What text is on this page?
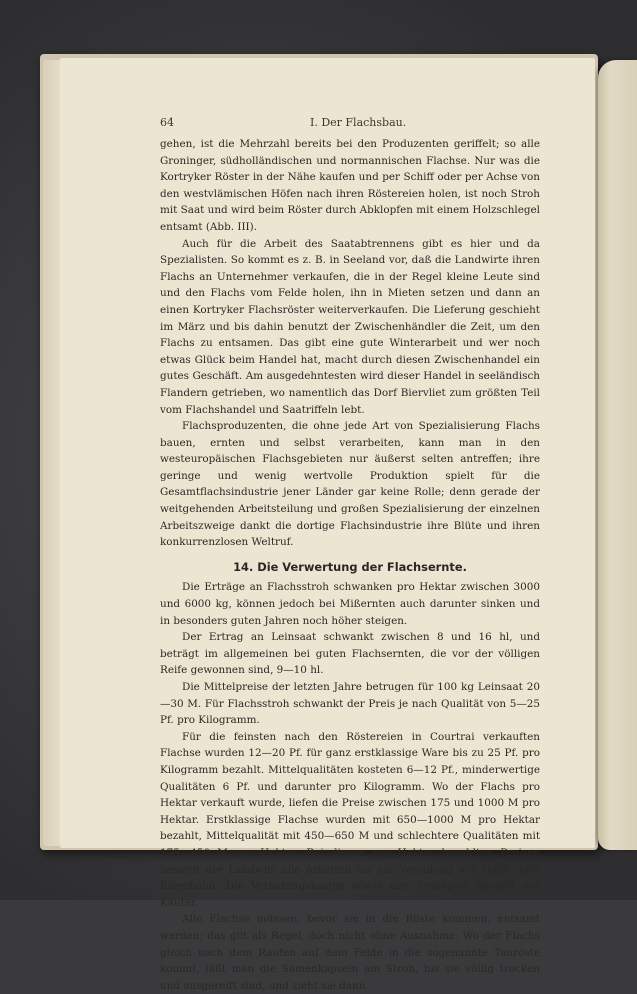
64	I. Der Flachsbau.

gehen, ist die Mehrzahl bereits bei den Produzenten geriffelt; so alle Groninger, südholländischen und normannischen Flachse. Nur was die Kortryker Röster in der Nähe kaufen und per Schiff oder per Achse von den westvlämischen Höfen nach ihren Röstereien holen, ist noch Stroh mit Saat und wird beim Röster durch Abklopfen mit einem Holzschlegel entsamt (Abb. III).

Auch für die Arbeit des Saatabtrennens gibt es hier und da Spezialisten. So kommt es z. B. in Seeland vor, daß die Landwirte ihren Flachs an Unternehmer verkaufen, die in der Regel kleine Leute sind und den Flachs vom Felde holen, ihn in Mieten setzen und dann an einen Kortryker Flachsröster weiterverkaufen. Die Lieferung geschieht im März und bis dahin benutzt der Zwischenhändler die Zeit, um den Flachs zu entsamen. Das gibt eine gute Winterarbeit und wer noch etwas Glück beim Handel hat, macht durch diesen Zwischenhandel ein gutes Geschäft. Am ausgedehntesten wird dieser Handel in seeländisch Flandern getrieben, wo namentlich das Dorf Biervliet zum größten Teil vom Flachshandel und Saatriffeln lebt.

Flachsproduzenten, die ohne jede Art von Spezialisierung Flachs bauen, ernten und selbst verarbeiten, kann man in den westeuropäischen Flachsgebieten nur äußerst selten antreffen; ihre geringe und wenig wertvolle Produktion spielt für die Gesamtflachsindustrie jener Länder gar keine Rolle; denn gerade der weitgehenden Arbeitsteilung und großen Spezialisierung der einzelnen Arbeitszweige dankt die dortige Flachsindustrie ihre Blüte und ihren konkurrenzlosen Weltruf.

14. Die Verwertung der Flachsernte.

Die Erträge an Flachsstroh schwanken pro Hektar zwischen 3000 und 6000 kg, können jedoch bei Mißernten auch darunter sinken und in besonders guten Jahren noch höher steigen.

Der Ertrag an Leinsaat schwankt zwischen 8 und 16 hl, und beträgt im allgemeinen bei guten Flachsernten, die vor der völligen Reife gewonnen sind, 9—10 hl.

Die Mittelpreise der letzten Jahre betrugen für 100 kg Leinsaat 20—30 M. Für Flachsstroh schwankt der Preis je nach Qualität von 5—25 Pf. pro Kilogramm.

Für die feinsten nach den Röstereien in Courtrai verkauften Flachse wurden 12—20 Pf. für ganz erstklassige Ware bis zu 25 Pf. pro Kilogramm bezahlt. Mittelqualitäten kosteten 6—12 Pf., minderwertige Qualitäten 6 Pf. und darunter pro Kilogramm. Wo der Flachs pro Hektar verkauft wurde, liefen die Preise zwischen 175 und 1000 M pro Hektar. Erstklassige Flachse wurden mit 650—1000 M pro Hektar bezahlt, Mittelqualität mit 450—650 M und schlechtere Qualitäten mit 175—450 M pro Hektar. Bei diesen pro Hektar bezahlten Preisen besorgt der Landwirt alle Arbeiten bis zur Verladung auf Schiff oder Eisenbahn. Die Verladungskosten sowie den Transport bezahlt der Käufer.

Alle Flachse müssen, bevor sie in die Röste kommen, entsamt werden; das gilt als Regel, doch nicht ohne Ausnahme. Wo der Flachs gleich nach dem Raufen auf dem Felde in die sogenannte Tauröste kommt, läßt man die Samenkapseln am Stroh, bis sie völlig trocken und ausgereift sind, und zieht sie dann
